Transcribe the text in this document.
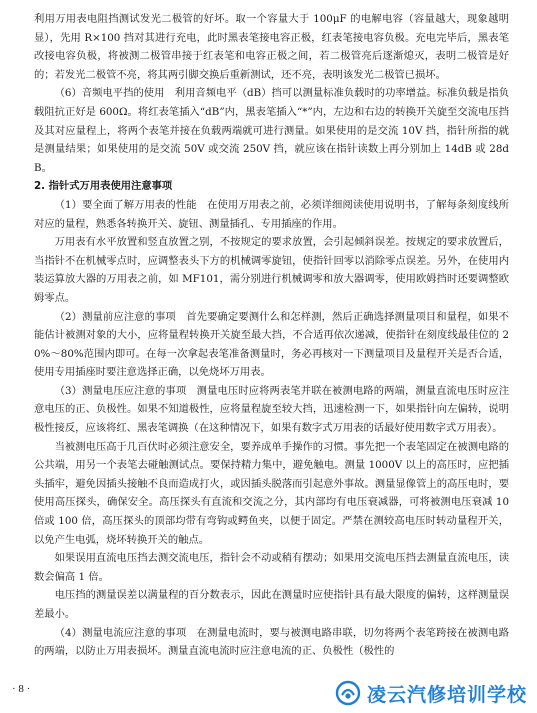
利用万用表电阻挡测试发光二极管的好坏。取一个容量大于 100μF 的电解电容（容量越大，现象越明显），先用 R×100 挡对其进行充电，此时黑表笔接电容正极，红表笔接电容负极。充电完毕后，黑表笔改接电容负极，将被测二极管串接于红表笔和电容正极之间，若二极管亮后逐渐熄灭，表明二极管是好的；若发光二极管不亮，将其两引脚交换后重新测试，还不亮，表明该发光二极管已损坏。

（6）音频电平挡的使用　利用音频电平（dB）挡可以测量标准负载时的功率增益。标准负载是指负载阻抗正好是 600Ω。将红表笔插入“dB”内，黑表笔插入“*”内，左边和右边的转换开关旋至交流电压挡及其对应量程上，将两个表笔并接在负载两端就可进行测量。如果使用的是交流 10V 挡，指针所指的就是测量结果；如果使用的是交流 50V 或交流 250V 挡，就应该在指针读数上再分别加上 14dB 或 28dB。

2. 指针式万用表使用注意事项

（1）要全面了解万用表的性能　在使用万用表之前，必须详细阅读使用说明书，了解每条刻度线所对应的量程，熟悉各转换开关、旋钮、测量插孔、专用插座的作用。

万用表有水平放置和竖直放置之别，不按规定的要求放置，会引起倾斜误差。按规定的要求放置后，当指针不在机械零点时，应调整表头下方的机械调零旋钮，使指针回零以消除零点误差。另外，在使用内装运算放大器的万用表之前，如 MF101，需分别进行机械调零和放大器调零，使用欧姆挡时还要调整欧姆零点。

（2）测量前应注意的事项　首先要确定要测什么和怎样测，然后正确选择测量项目和量程，如果不能估计被测对象的大小，应将量程转换开关旋至最大挡，不合适再依次递减，使指针在刻度线最佳位的 20%～80%范围内即可。在每一次拿起表笔准备测量时，务必再核对一下测量项目及量程开关是否合适，使用专用插座时要注意选择正确，以免烧坏万用表。

（3）测量电压应注意的事项　测量电压时应将两表笔并联在被测电路的两端，测量直流电压时应注意电压的正、负极性。如果不知道极性，应将量程旋至较大挡，迅速检测一下，如果指针向左偏转，说明极性接反，应该将红、黑表笔调换（在这种情况下，如果有数字式万用表的话最好使用数字式万用表）。

当被测电压高于几百伏时必须注意安全，要养成单手操作的习惯。事先把一个表笔固定在被测电路的公共端，用另一个表笔去碰触测试点。要保持精力集中，避免触电。测量 1000V 以上的高压时，应把插头插牢，避免因插头接触不良而造成打火，或因插头脱落而引起意外事故。测量显像管上的高压电时，要使用高压探头，确保安全。高压探头有直流和交流之分，其内部均有电压衰减器，可将被测电压衰减 10 倍或 100 倍，高压探头的顶部均带有弯钩或鳄鱼夹，以便于固定。严禁在测较高电压时转动量程开关，以免产生电弧，烧坏转换开关的触点。

如果误用直流电压挡去测交流电压，指针会不动或稍有摆动；如果用交流电压挡去测量直流电压，读数会偏高 1 倍。

电压挡的测量误差以满量程的百分数表示，因此在测量时应使指针具有最大限度的偏转，这样测量误差最小。

（4）测量电流应注意的事项　在测量电流时，要与被测电路串联，切勿将两个表笔跨接在被测电路的两端，以防止万用表损坏。测量直流电流时应注意电流的正、负极性（极性的

· 8 ·	凌云汽修培训学校
